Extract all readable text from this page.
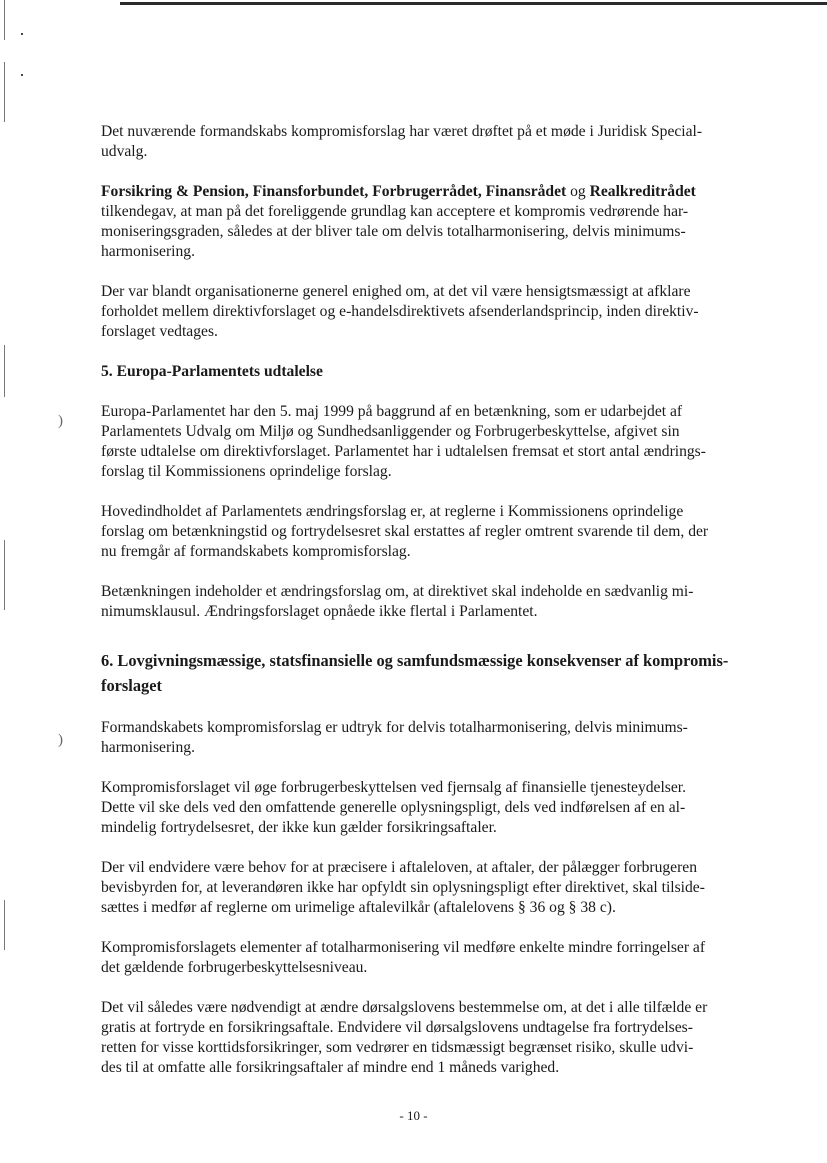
)
)
Det nuværende formandskabs kompromisforslag har været drøftet på et møde i Juridisk Special-
udvalg.
Forsikring & Pension, Finansforbundet, Forbrugerrådet, Finansrådet og Realkreditrådet
tilkendegav, at man på det foreliggende grundlag kan acceptere et kompromis vedrørende har-
moniseringsgraden, således at der bliver tale om delvis totalharmonisering, delvis minimums-
harmonisering.
Der var blandt organisationerne generel enighed om, at det vil være hensigtsmæssigt at afklare
forholdet mellem direktivforslaget og e-handelsdirektivets afsenderlandsprincip, inden direktiv-
forslaget vedtages.
5. Europa-Parlamentets udtalelse
Europa-Parlamentet har den 5. maj 1999 på baggrund af en betænkning, som er udarbejdet af
Parlamentets Udvalg om Miljø og Sundhedsanliggender og Forbrugerbeskyttelse, afgivet sin
første udtalelse om direktivforslaget. Parlamentet har i udtalelsen fremsat et stort antal ændrings-
forslag til Kommissionens oprindelige forslag.
Hovedindholdet af Parlamentets ændringsforslag er, at reglerne i Kommissionens oprindelige
forslag om betænkningstid og fortrydelsesret skal erstattes af regler omtrent svarende til dem, der
nu fremgår af formandskabets kompromisforslag.
Betænkningen indeholder et ændringsforslag om, at direktivet skal indeholde en sædvanlig mi-
nimumsklausul. Ændringsforslaget opnåede ikke flertal i Parlamentet.
6. Lovgivningsmæssige, statsfinansielle og samfundsmæssige konsekvenser af kompromis-
forslaget
Formandskabets kompromisforslag er udtryk for delvis totalharmonisering, delvis minimums-
harmonisering.
Kompromisforslaget vil øge forbrugerbeskyttelsen ved fjernsalg af finansielle tjenesteydelser.
Dette vil ske dels ved den omfattende generelle oplysningspligt, dels ved indførelsen af en al-
mindelig fortrydelsesret, der ikke kun gælder forsikringsaftaler.
Der vil endvidere være behov for at præcisere i aftaleloven, at aftaler, der pålægger forbrugeren
bevisbyrden for, at leverandøren ikke har opfyldt sin oplysningspligt efter direktivet, skal tilside-
sættes i medfør af reglerne om urimelige aftalevilkår (aftalelovens § 36 og § 38 c).
Kompromisforslagets elementer af totalharmonisering vil medføre enkelte mindre forringelser af
det gældende forbrugerbeskyttelsesniveau.
Det vil således være nødvendigt at ændre dørsalgslovens bestemmelse om, at det i alle tilfælde er
gratis at fortryde en forsikringsaftale. Endvidere vil dørsalgslovens undtagelse fra fortrydelses-
retten for visse korttidsforsikringer, som vedrører en tidsmæssigt begrænset risiko, skulle udvi-
des til at omfatte alle forsikringsaftaler af mindre end 1 måneds varighed.
- 10 -
